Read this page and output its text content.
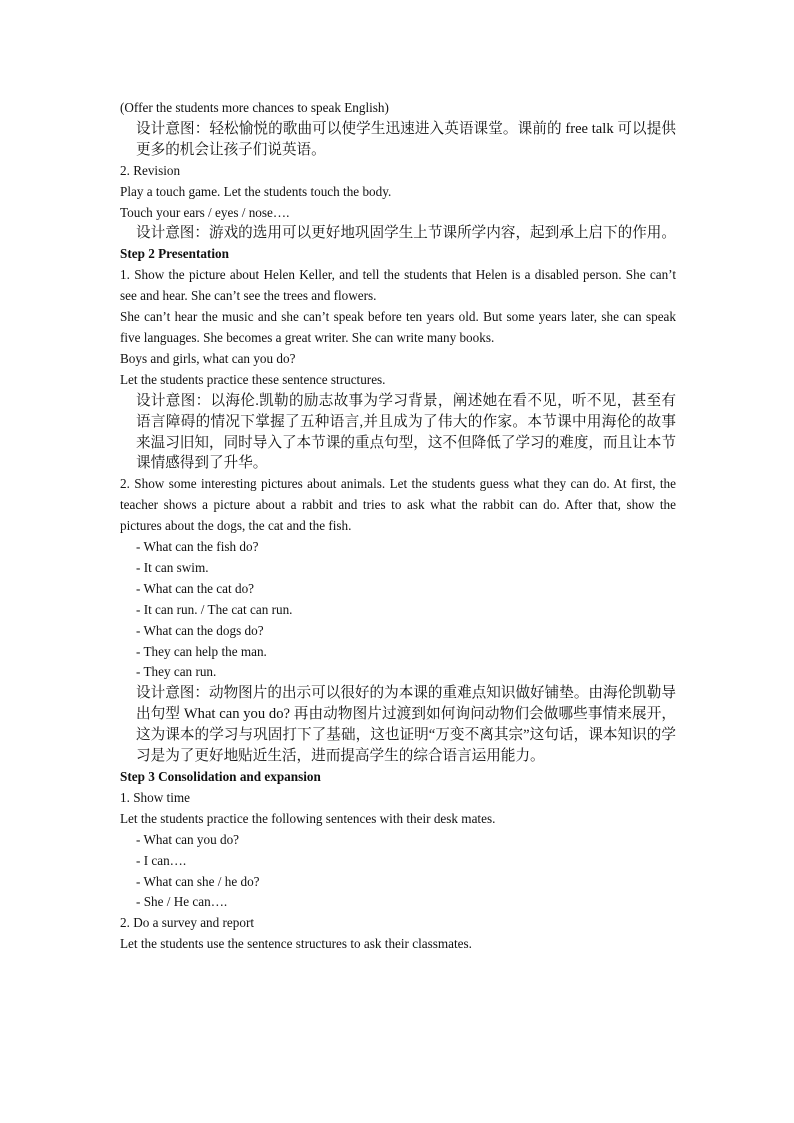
(Offer the students more chances to speak English)
设计意图：轻松愉悦的歌曲可以使学生迅速进入英语课堂。课前的 free talk 可以提供更多的机会让孩子们说英语。
2. Revision
Play a touch game. Let the students touch the body.
Touch your ears / eyes / nose….
设计意图：游戏的选用可以更好地巩固学生上节课所学内容，起到承上启下的作用。
Step 2 Presentation
1. Show the picture about Helen Keller, and tell the students that Helen is a disabled person. She can’t see and hear. She can’t see the trees and flowers.
She can’t hear the music and she can’t speak before ten years old. But some years later, she can speak five languages. She becomes a great writer. She can write many books.
Boys and girls, what can you do?
Let the students practice these sentence structures.
设计意图：以海伦.凯勒的励志故事为学习背景，阐述她在看不见，听不见，甚至有语言障碍的情况下掌握了五种语言,并且成为了伟大的作家。本节课中用海伦的故事来温习旧知，同时导入了本节课的重点句型，这不但降低了学习的难度，而且让本节课情感得到了升华。
2. Show some interesting pictures about animals. Let the students guess what they can do. At first, the teacher shows a picture about a rabbit and tries to ask what the rabbit can do. After that, show the pictures about the dogs, the cat and the fish.
- What can the fish do?
- It can swim.
- What can the cat do?
- It can run. / The cat can run.
- What can the dogs do?
- They can help the man.
- They can run.
设计意图：动物图片的出示可以很好的为本课的重难点知识做好铺垫。由海伦凯勒导出句型 What can you do? 再由动物图片过渡到如何询问动物们会做哪些事情来展开，这为课本的学习与巩固打下了基础，这也证明“万变不离其宗”这句话，课本知识的学习是为了更好地贴近生活，进而提高学生的综合语言运用能力。
Step 3 Consolidation and expansion
1. Show time
Let the students practice the following sentences with their desk mates.
- What can you do?
- I can….
- What can she / he do?
- She / He can….
2. Do a survey and report
Let the students use the sentence structures to ask their classmates.
